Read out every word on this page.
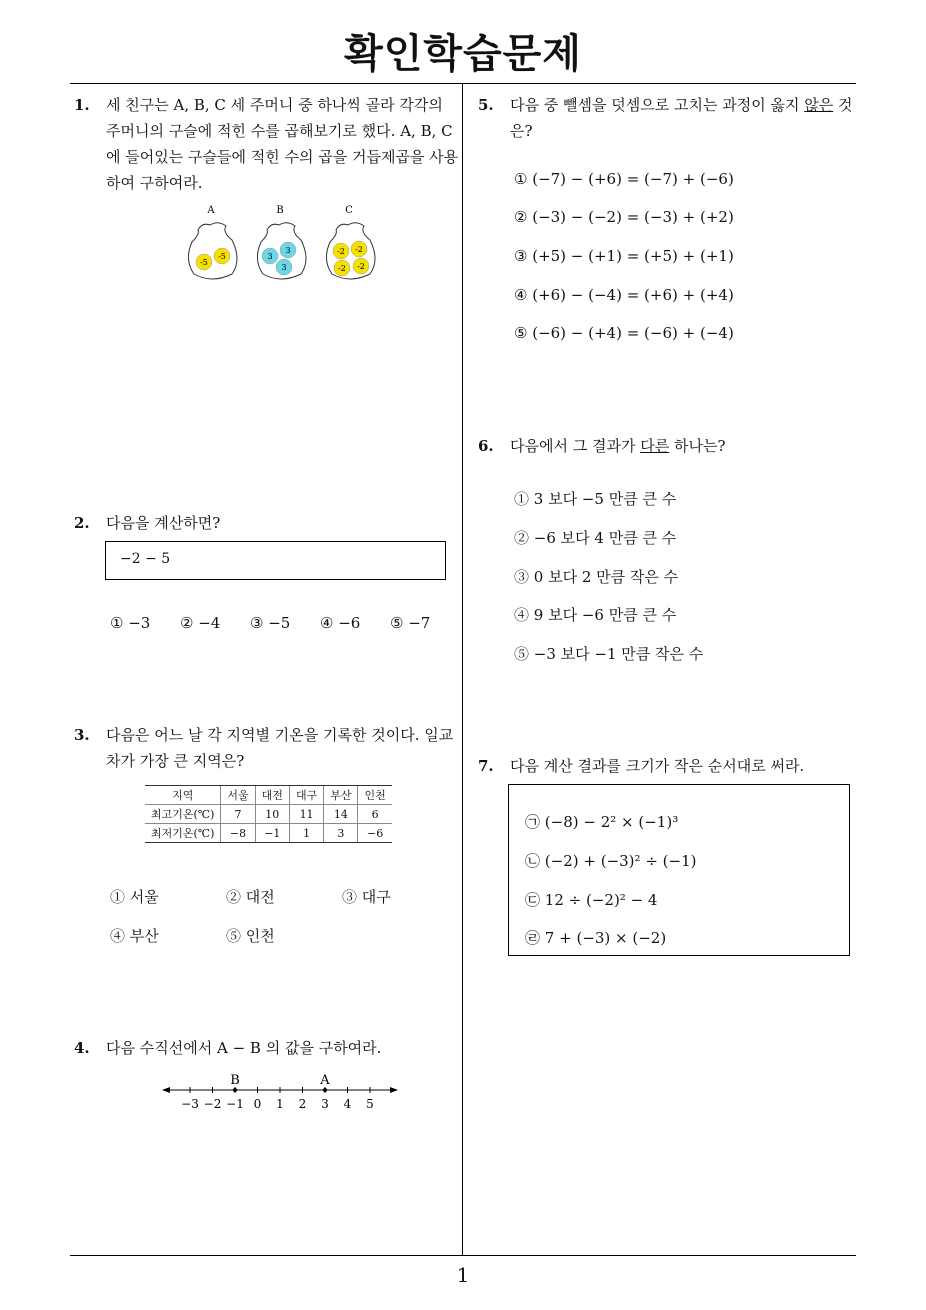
확인학습문제
1
1. 세 친구는 A, B, C 세 주머니 중 하나씩 골라 각각의 주머니의 구슬에 적힌 수를 곱해보기로 했다. A, B, C 에 들어있는 구슬들에 적힌 수의 곱을 거듭제곱을 사용하여 구하여라.
A
-5
-5
B
3
3
3
C
-2 -2
-2 -2
2. 다음을 계산하면?
−2 − 5
① −3 ② −4 ③ −5 ④ −6 ⑤ −7
3. 다음은 어느 날 각 지역별 기온을 기록한 것이다. 일교차가 가장 큰 지역은?
지역	서울	대전	대구	부산	인천
최고기온(℃)	7	10	11	14	6
최저기온(℃)	−8	−1	1	3	−6
① 서울	② 대전	③ 대구
④ 부산	⑤ 인천
4. 다음 수직선에서 A − B 의 값을 구하여라.
−3 −2 −1 0 1 2 3 4 5
B	A
5. 다음 중 뺄셈을 덧셈으로 고치는 과정이 옳지 않은 것은?
① (−7) − (+6) = (−7) + (−6)
② (−3) − (−2) = (−3) + (+2)
③ (+5) − (+1) = (+5) + (+1)
④ (+6) − (−4) = (+6) + (+4)
⑤ (−6) − (+4) = (−6) + (−4)
6. 다음에서 그 결과가 다른 하나는?
① 3 보다 −5 만큼 큰 수
② −6 보다 4 만큼 큰 수
③ 0 보다 2 만큼 작은 수
④ 9 보다 −6 만큼 큰 수
⑤ −3 보다 −1 만큼 작은 수
7. 다음 계산 결과를 크기가 작은 순서대로 써라.
㉠ (−8) − 2² × (−1)³
㉡ (−2) + (−3)² ÷ (−1)
㉢ 12 ÷ (−2)² − 4
㉣ 7 + (−3) × (−2)
